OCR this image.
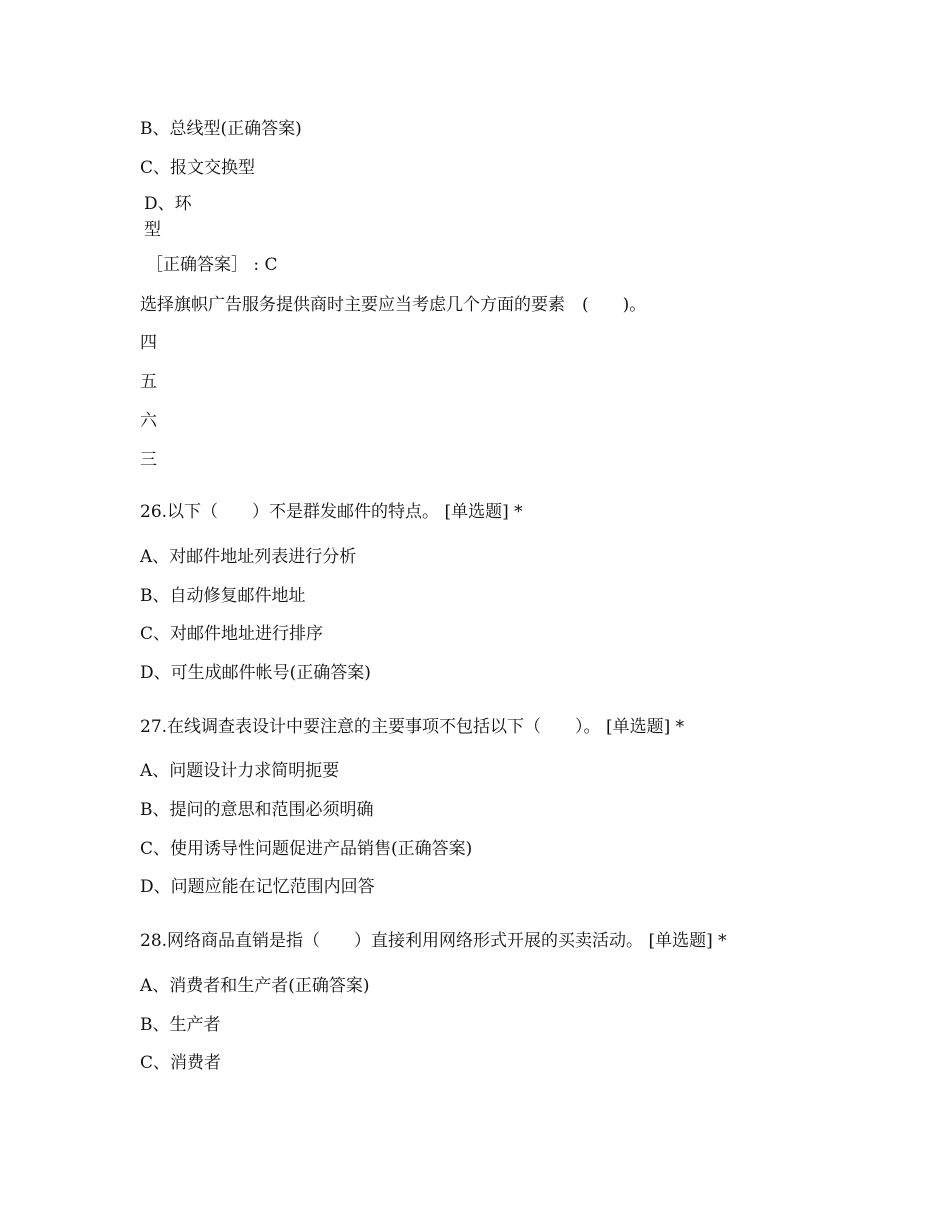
B、总线型(正确答案)
C、报文交换型
D、环
型
［正确答案］ : C
选择旗帜广告服务提供商时主要应当考虑几个方面的要素　(　　)。
四
五
六
三
26.以下（　　）不是群发邮件的特点。 [单选题] *
A、对邮件地址列表进行分析
B、自动修复邮件地址
C、对邮件地址进行排序
D、可生成邮件帐号(正确答案)
27.在线调查表设计中要注意的主要事项不包括以下（　　）。 [单选题] *
A、问题设计力求简明扼要
B、提问的意思和范围必须明确
C、使用诱导性问题促进产品销售(正确答案)
D、问题应能在记忆范围内回答
28.网络商品直销是指（　　）直接利用网络形式开展的买卖活动。 [单选题] *
A、消费者和生产者(正确答案)
B、生产者
C、消费者
